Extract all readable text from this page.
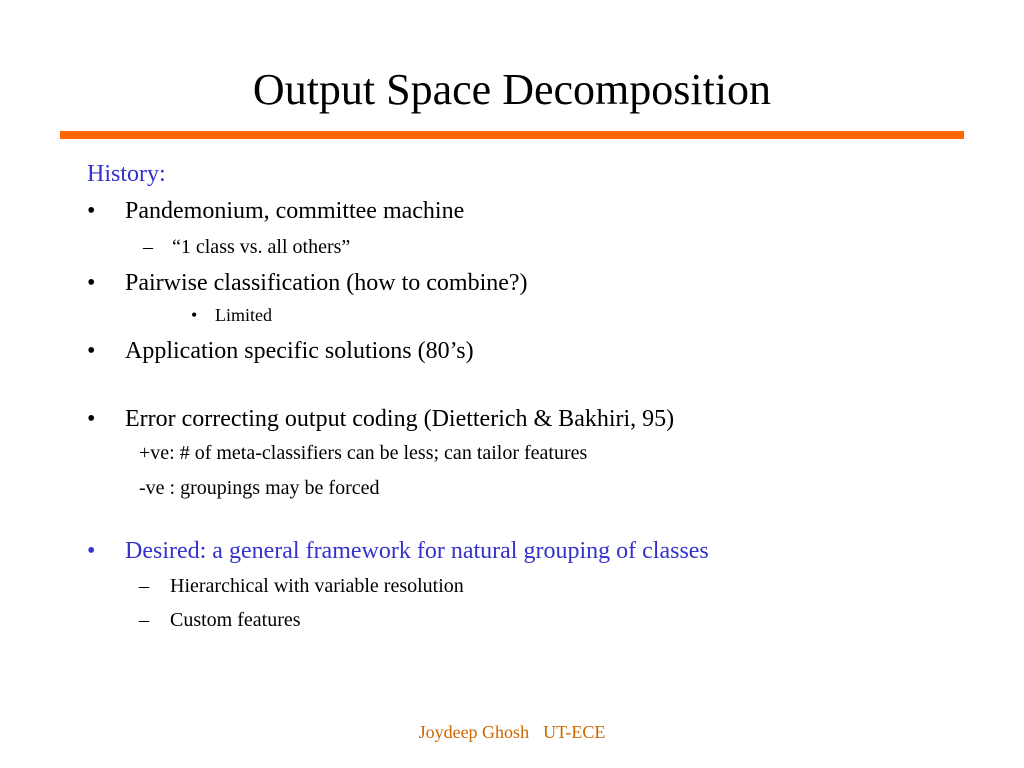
Output Space Decomposition
History:
• Pandemonium, committee machine
– “1 class vs. all others”
• Pairwise classification (how to combine?)
• Limited
• Application specific solutions (80’s)
• Error correcting output coding (Dietterich & Bakhiri, 95)
+ve: # of meta-classifiers can be less; can tailor features
-ve : groupings may be forced
• Desired: a general framework for natural grouping of classes
– Hierarchical with variable resolution
– Custom features
Joydeep Ghosh UT-ECE
